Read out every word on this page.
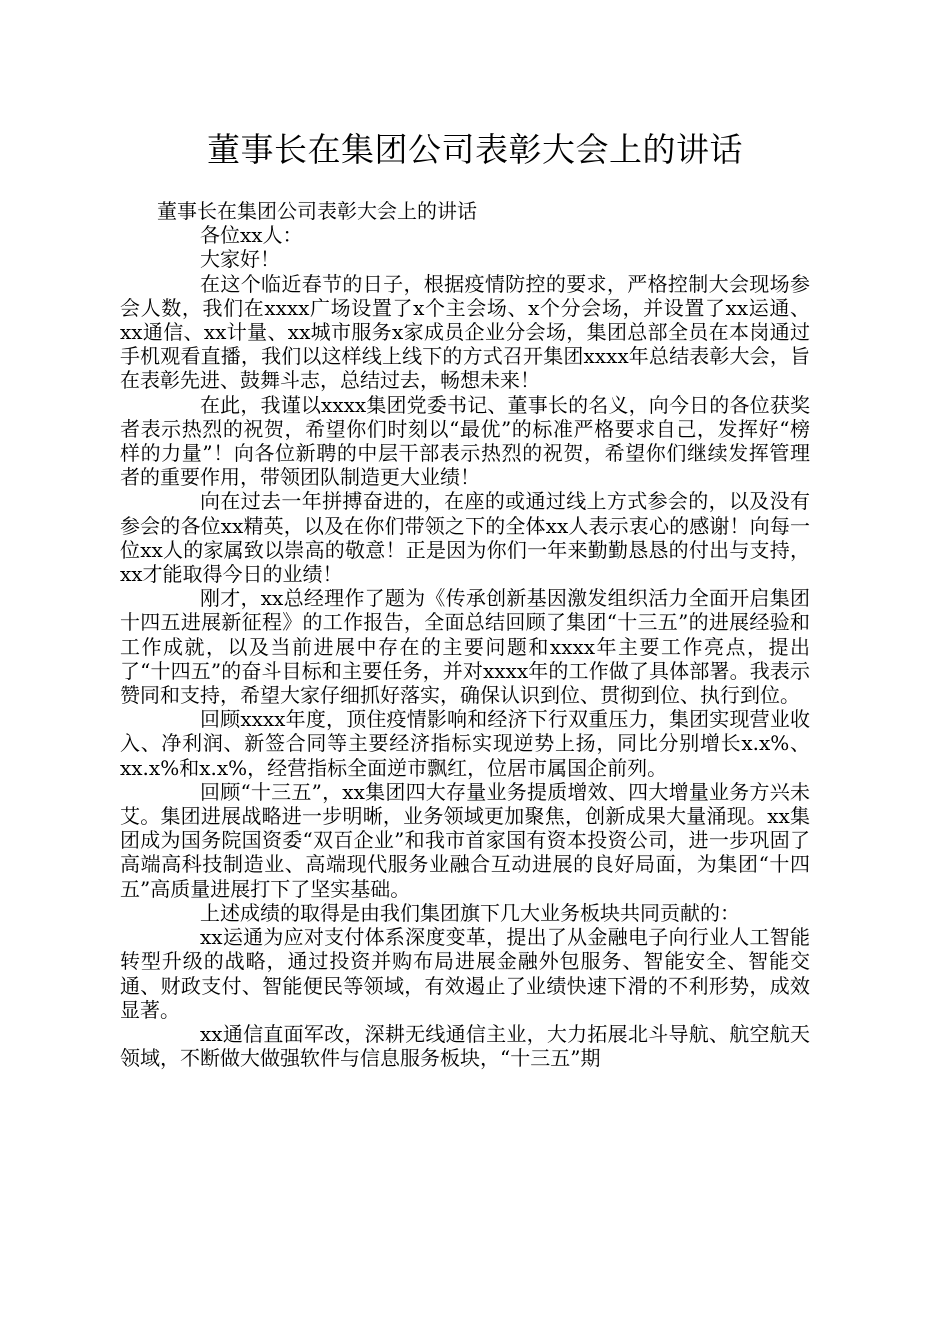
董事长在集团公司表彰大会上的讲话

董事长在集团公司表彰大会上的讲话

各位xx人：

大家好！

在这个临近春节的日子，根据疫情防控的要求，严格控制大会现场参会人数，我们在xxxx广场设置了x个主会场、x个分会场，并设置了xx运通、xx通信、xx计量、xx城市服务x家成员企业分会场，集团总部全员在本岗通过手机观看直播，我们以这样线上线下的方式召开集团xxxx年总结表彰大会，旨在表彰先进、鼓舞斗志，总结过去，畅想未来！

在此，我谨以xxxx集团党委书记、董事长的名义，向今日的各位获奖者表示热烈的祝贺，希望你们时刻以“最优”的标准严格要求自己，发挥好“榜样的力量”！向各位新聘的中层干部表示热烈的祝贺，希望你们继续发挥管理者的重要作用，带领团队制造更大业绩！

向在过去一年拼搏奋进的，在座的或通过线上方式参会的，以及没有参会的各位xx精英，以及在你们带领之下的全体xx人表示衷心的感谢！向每一位xx人的家属致以崇高的敬意！正是因为你们一年来勤勤恳恳的付出与支持，xx才能取得今日的业绩！

刚才，xx总经理作了题为《传承创新基因激发组织活力全面开启集团十四五进展新征程》的工作报告，全面总结回顾了集团“十三五”的进展经验和工作成就，以及当前进展中存在的主要问题和xxxx年主要工作亮点，提出了“十四五”的奋斗目标和主要任务，并对xxxx年的工作做了具体部署。我表示赞同和支持，希望大家仔细抓好落实，确保认识到位、贯彻到位、执行到位。

回顾xxxx年度，顶住疫情影响和经济下行双重压力，集团实现营业收入、净利润、新签合同等主要经济指标实现逆势上扬，同比分别增长x.x%、xx.x%和x.x%，经营指标全面逆市飘红，位居市属国企前列。

回顾“十三五”，xx集团四大存量业务提质增效、四大增量业务方兴未艾。集团进展战略进一步明晰，业务领域更加聚焦，创新成果大量涌现。xx集团成为国务院国资委“双百企业”和我市首家国有资本投资公司，进一步巩固了高端高科技制造业、高端现代服务业融合互动进展的良好局面，为集团“十四五”高质量进展打下了坚实基础。

上述成绩的取得是由我们集团旗下几大业务板块共同贡献的：

xx运通为应对支付体系深度变革，提出了从金融电子向行业人工智能转型升级的战略，通过投资并购布局进展金融外包服务、智能安全、智能交通、财政支付、智能便民等领域，有效遏止了业绩快速下滑的不利形势，成效显著。

xx通信直面军改，深耕无线通信主业，大力拓展北斗导航、航空航天领域，不断做大做强软件与信息服务板块，“十三五”期
